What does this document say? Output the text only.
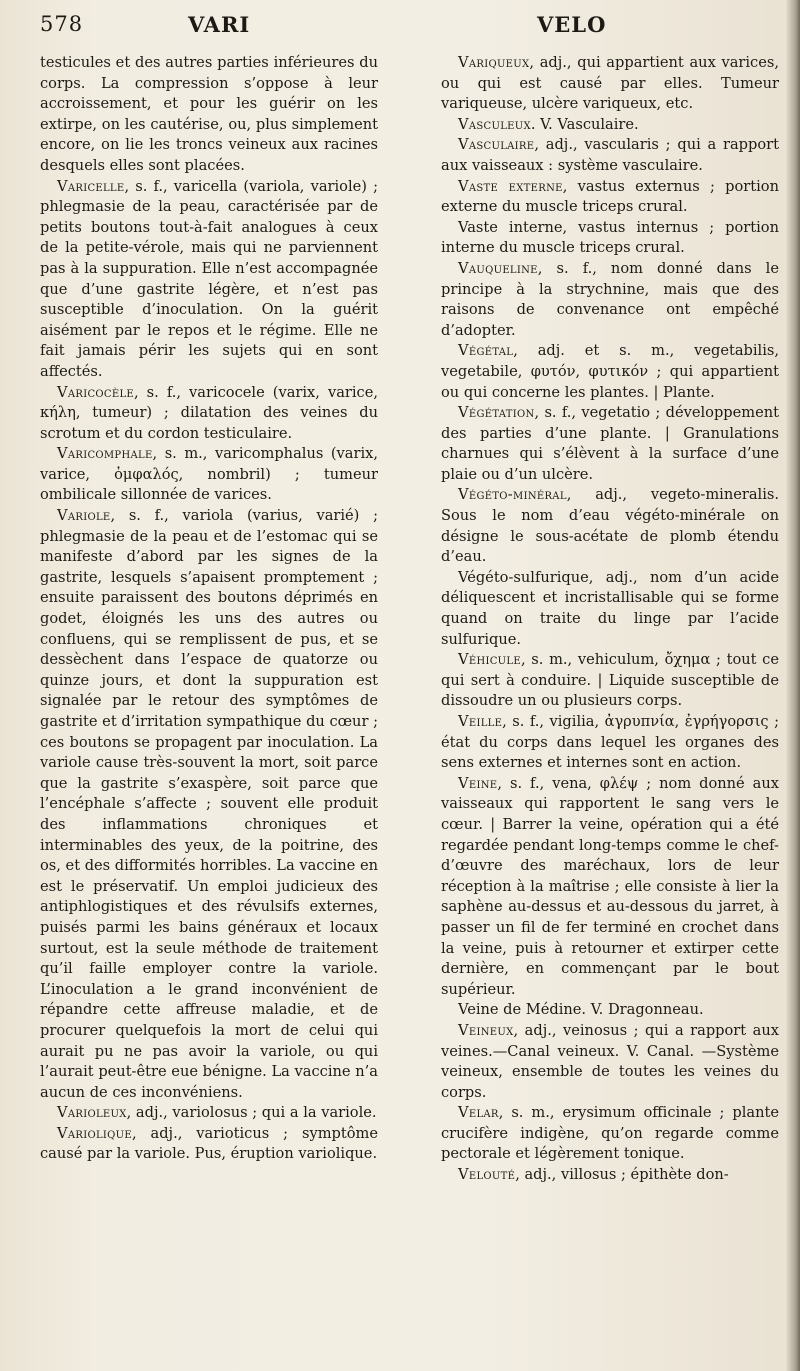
578	VARI	VELO

testicules et des autres parties inférieures du corps. La compression s’oppose à leur accroissement, et pour les guérir on les extirpe, on les cautérise, ou, plus simplement encore, on lie les troncs veineux aux racines desquels elles sont placées.

Varicelle, s. f., varicella (variola, variole) ; phlegmasie de la peau, caractérisée par de petits boutons tout-à-fait analogues à ceux de la petite-vérole, mais qui ne parviennent pas à la suppuration. Elle n’est accompagnée que d’une gastrite légère, et n’est pas susceptible d’inoculation. On la guérit aisément par le repos et le régime. Elle ne fait jamais périr les sujets qui en sont affectés.

Varicocèle, s. f., varicocele (varix, varice, κήλη, tumeur) ; dilatation des veines du scrotum et du cordon testiculaire.

Varicomphale, s. m., varicomphalus (varix, varice, ὀμφαλός, nombril) ; tumeur ombilicale sillonnée de varices.

Variole, s. f., variola (varius, varié) ; phlegmasie de la peau et de l’estomac qui se manifeste d’abord par les signes de la gastrite, lesquels s’apaisent promptement ; ensuite paraissent des boutons déprimés en godet, éloignés les uns des autres ou confluens, qui se remplissent de pus, et se dessèchent dans l’espace de quatorze ou quinze jours, et dont la suppuration est signalée par le retour des symptômes de gastrite et d’irritation sympathique du cœur ; ces boutons se propagent par inoculation. La variole cause très-souvent la mort, soit parce que la gastrite s’exaspère, soit parce que l’encéphale s’affecte ; souvent elle produit des inflammations chroniques et interminables des yeux, de la poitrine, des os, et des difformités horribles. La vaccine en est le préservatif. Un emploi judicieux des antiphlogistiques et des révulsifs externes, puisés parmi les bains généraux et locaux surtout, est la seule méthode de traitement qu’il faille employer contre la variole. L’inoculation a le grand inconvénient de répandre cette affreuse maladie, et de procurer quelquefois la mort de celui qui aurait pu ne pas avoir la variole, ou qui l’aurait peut-être eue bénigne. La vaccine n’a aucun de ces inconvéniens.

Varioleux, adj., variolosus ; qui a la variole.

Variolique, adj., varioticus ; symptôme causé par la variole. Pus, éruption variolique.

Variqueux, adj., qui appartient aux varices, ou qui est causé par elles. Tumeur variqueuse, ulcère variqueux, etc.

Vasculeux. V. Vasculaire.

Vasculaire, adj., vascularis ; qui a rapport aux vaisseaux : système vasculaire.

Vaste externe, vastus externus ; portion externe du muscle triceps crural.

Vaste interne, vastus internus ; portion interne du muscle triceps crural.

Vauqueline, s. f., nom donné dans le principe à la strychnine, mais que des raisons de convenance ont empêché d’adopter.

Végétal, adj. et s. m., vegetabilis, vegetabile, φυτόν, φυτικόν ; qui appartient ou qui concerne les plantes. | Plante.

Végétation, s. f., vegetatio ; développement des parties d’une plante. | Granulations charnues qui s’élèvent à la surface d’une plaie ou d’un ulcère.

Végéto-minéral, adj., vegeto-mineralis. Sous le nom d’eau végéto-minérale on désigne le sous-acétate de plomb étendu d’eau.

Végéto-sulfurique, adj., nom d’un acide déliquescent et incristallisable qui se forme quand on traite du linge par l’acide sulfurique.

Véhicule, s. m., vehiculum, ὄχημα ; tout ce qui sert à conduire. | Liquide susceptible de dissoudre un ou plusieurs corps.

Veille, s. f., vigilia, ἀγρυπνία, ἐγρήγορσις ; état du corps dans lequel les organes des sens externes et internes sont en action.

Veine, s. f., vena, φλέψ ; nom donné aux vaisseaux qui rapportent le sang vers le cœur. | Barrer la veine, opération qui a été regardée pendant long-temps comme le chef-d’œuvre des maréchaux, lors de leur réception à la maîtrise ; elle consiste à lier la saphène au-dessus et au-dessous du jarret, à passer un fil de fer terminé en crochet dans la veine, puis à retourner et extirper cette dernière, en commençant par le bout supérieur.

Veine de Médine. V. Dragonneau.

Veineux, adj., veinosus ; qui a rapport aux veines.—Canal veineux. V. Canal. —Système veineux, ensemble de toutes les veines du corps.

Velar, s. m., erysimum officinale ; plante crucifère indigène, qu’on regarde comme pectorale et légèrement tonique.

Velouté, adj., villosus ; épithète don-
